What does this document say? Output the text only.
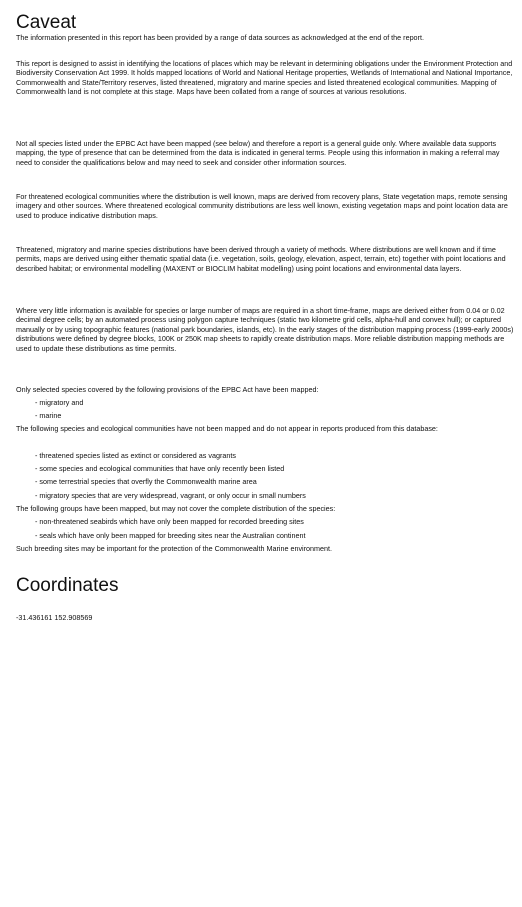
Caveat

The information presented in this report has been provided by a range of data sources as acknowledged at the end of the report.

This report is designed to assist in identifying the locations of places which may be relevant in determining obligations under the Environment Protection and Biodiversity Conservation Act 1999. It holds mapped locations of World and National Heritage properties, Wetlands of International and National Importance, Commonwealth and State/Territory reserves, listed threatened, migratory and marine species and listed threatened ecological communities. Mapping of Commonwealth land is not complete at this stage. Maps have been collated from a range of sources at various resolutions.

Not all species listed under the EPBC Act have been mapped (see below) and therefore a report is a general guide only. Where available data supports mapping, the type of presence that can be determined from the data is indicated in general terms. People using this information in making a referral may need to consider the qualifications below and may need to seek and consider other information sources.

For threatened ecological communities where the distribution is well known, maps are derived from recovery plans, State vegetation maps, remote sensing imagery and other sources. Where threatened ecological community distributions are less well known, existing vegetation maps and point location data are used to produce indicative distribution maps.

Threatened, migratory and marine species distributions have been derived through a variety of methods. Where distributions are well known and if time permits, maps are derived using either thematic spatial data (i.e. vegetation, soils, geology, elevation, aspect, terrain, etc) together with point locations and described habitat; or environmental modelling (MAXENT or BIOCLIM habitat modelling) using point locations and environmental data layers.

Where very little information is available for species or large number of maps are required in a short time-frame, maps are derived either from 0.04 or 0.02 decimal degree cells; by an automated process using polygon capture techniques (static two kilometre grid cells, alpha-hull and convex hull); or captured manually or by using topographic features (national park boundaries, islands, etc). In the early stages of the distribution mapping process (1999-early 2000s) distributions were defined by degree blocks, 100K or 250K map sheets to rapidly create distribution maps. More reliable distribution mapping methods are used to update these distributions as time permits.

Only selected species covered by the following provisions of the EPBC Act have been mapped:

- migratory and

- marine

The following species and ecological communities have not been mapped and do not appear in reports produced from this database:

- threatened species listed as extinct or considered as vagrants

- some species and ecological communities that have only recently been listed

- some terrestrial species that overfly the Commonwealth marine area

- migratory species that are very widespread, vagrant, or only occur in small numbers

The following groups have been mapped, but may not cover the complete distribution of the species:

- non-threatened seabirds which have only been mapped for recorded breeding sites

- seals which have only been mapped for breeding sites near the Australian continent

Such breeding sites may be important for the protection of the Commonwealth Marine environment.

Coordinates

-31.436161 152.908569
